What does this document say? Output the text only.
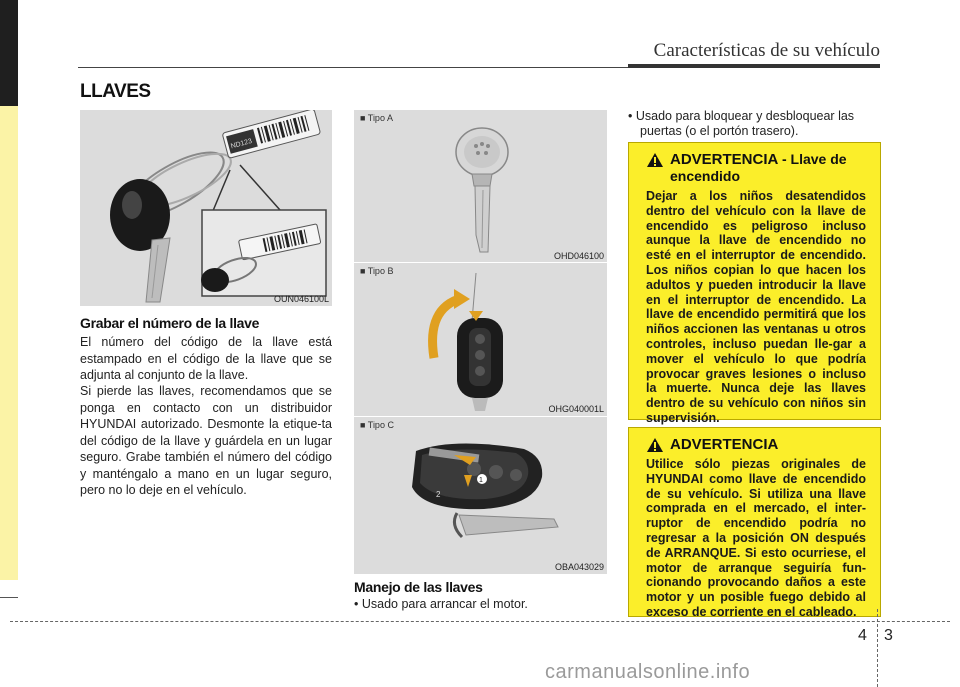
Características de su vehículo
LLAVES
ND123
OUN046100L
Grabar el número de la llave
El número del código de la llave está estampado en el código de la llave que se adjunta al conjunto de la llave.
Si pierde las llaves, recomendamos que se ponga en contacto con un distribuidor HYUNDAI autorizado. Desmonte la etique-ta del código de la llave y guárdela en un lugar seguro. Grabe también el número del código y manténgalo a mano en un lugar seguro, pero no lo deje en el vehículo.
■ Tipo A
OHD046100
■ Tipo B
OHG040001L
■ Tipo C
1
2
OBA043029
Manejo de las llaves
• Usado para arrancar el motor.
• Usado para bloquear y desbloquear las puertas (o el portón trasero).
ADVERTENCIA - Llave de encendido
Dejar a los niños desatendidos dentro del vehículo con la llave de encendido es peligroso incluso aunque la llave de encendido no esté en el interruptor de encendido. Los niños copian lo que hacen los adultos y pueden introducir la llave en el interruptor de encendido. La llave de encendido permitirá que los niños accionen las ventanas u otros controles, incluso puedan lle-gar a mover el vehículo lo que podría provocar graves lesiones o incluso la muerte. Nunca deje las llaves dentro de su vehículo con niños sin supervisión.
ADVERTENCIA
Utilice sólo piezas originales de HYUNDAI como llave de encendido de su vehículo. Si utiliza una llave comprada en el mercado, el inter-ruptor de encendido podría no regresar a la posición ON después de ARRANQUE. Si esto ocurriese, el motor de arranque seguiría fun-cionando provocando daños a este motor y un posible fuego debido al exceso de corriente en el cableado.
4 3
carmanualsonline.info
